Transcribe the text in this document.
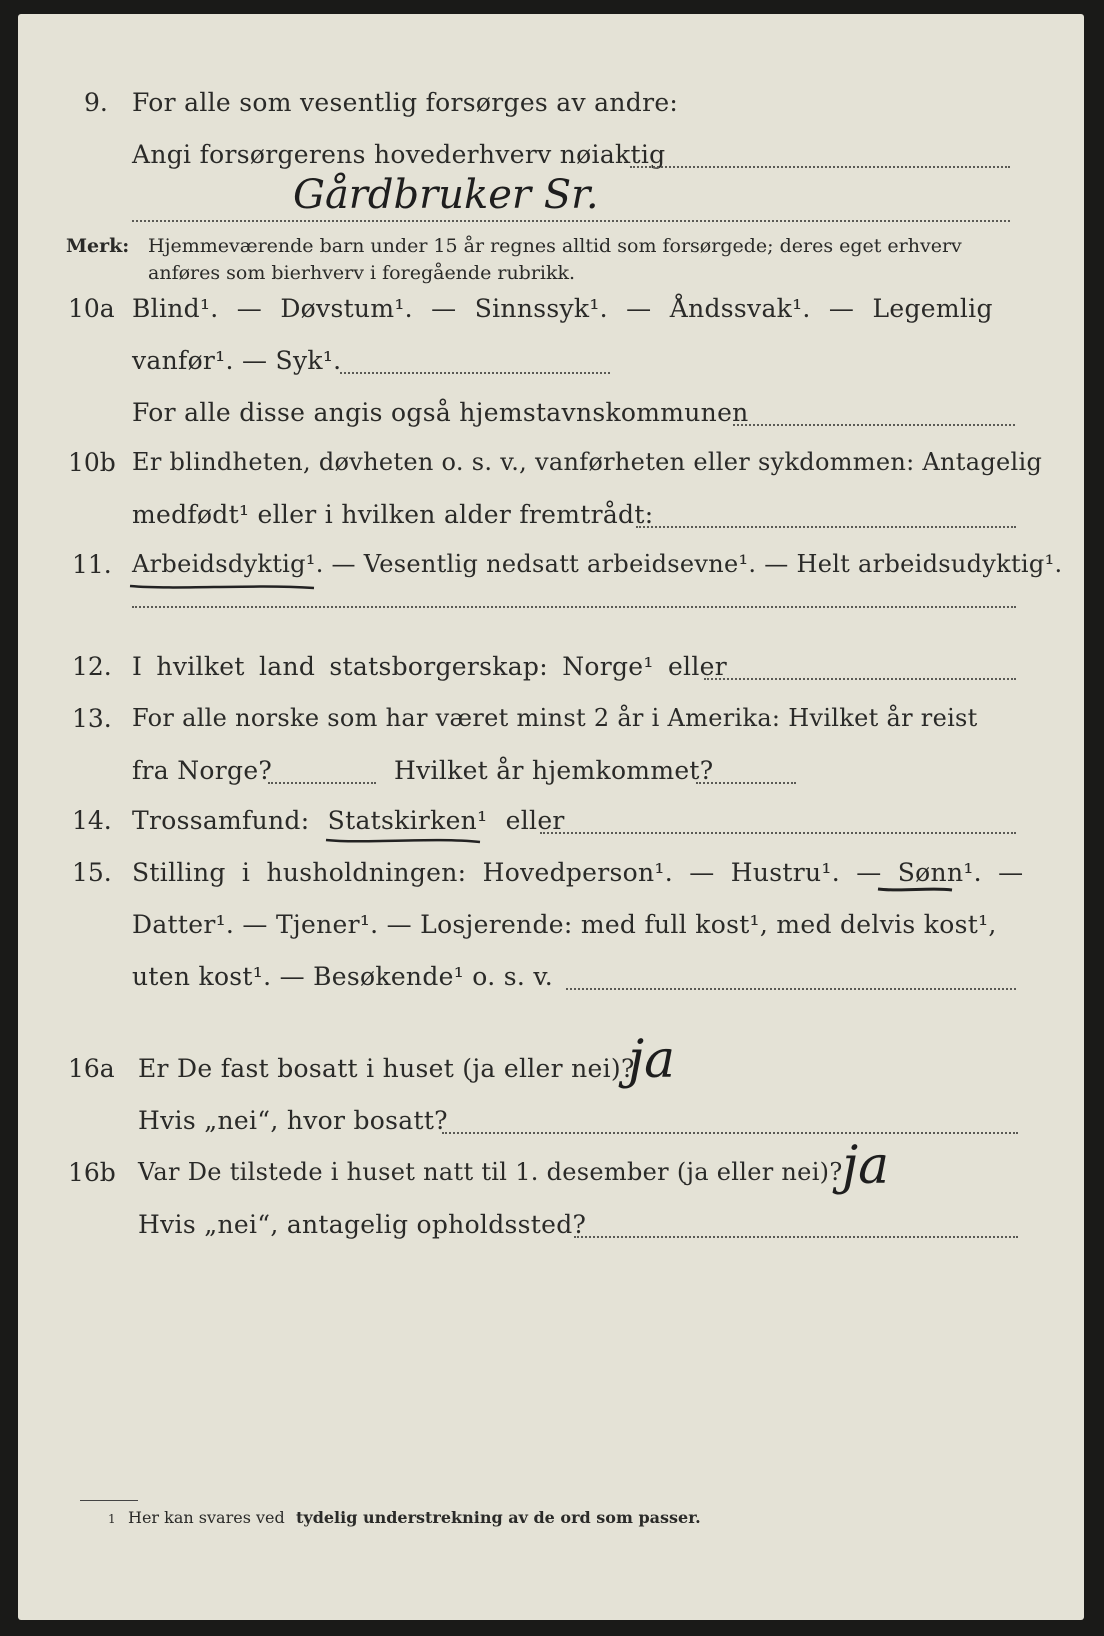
9. For alle som vesentlig forsørges av andre:
Angi forsørgerens hovederhverv nøiaktig
Gårdbruker Sr.
Merk: Hjemmeværende barn under 15 år regnes alltid som forsørgede; deres eget erhverv
anføres som bierhverv i foregående rubrikk.
10a Blind¹. — Døvstum¹. — Sinnssyk¹. — Åndssvak¹. — Legemlig
vanfør¹. — Syk¹.
For alle disse angis også hjemstavnskommunen
10b Er blindheten, døvheten o. s. v., vanførheten eller sykdommen: Antagelig
medfødt¹ eller i hvilken alder fremtrådt:
11. Arbeidsdyktig¹. — Vesentlig nedsatt arbeidsevne¹. — Helt arbeidsudyktig¹.
12. I hvilket land statsborgerskap: Norge¹ eller
13. For alle norske som har været minst 2 år i Amerika: Hvilket år reist
fra Norge?	Hvilket år hjemkommet?
14. Trossamfund: Statskirken¹ eller
15. Stilling i husholdningen: Hovedperson¹. — Hustru¹. — Sønn¹. —
Datter¹. — Tjener¹. — Losjerende: med full kost¹, med delvis kost¹,
uten kost¹. — Besøkende¹ o. s. v.
16a Er De fast bosatt i huset (ja eller nei)?
ja
Hvis „nei“, hvor bosatt?
16b Var De tilstede i huset natt til 1. desember (ja eller nei)? ja
Hvis „nei“, antagelig opholdssted?
1 Her kan svares ved tydelig understrekning av de ord som passer.
